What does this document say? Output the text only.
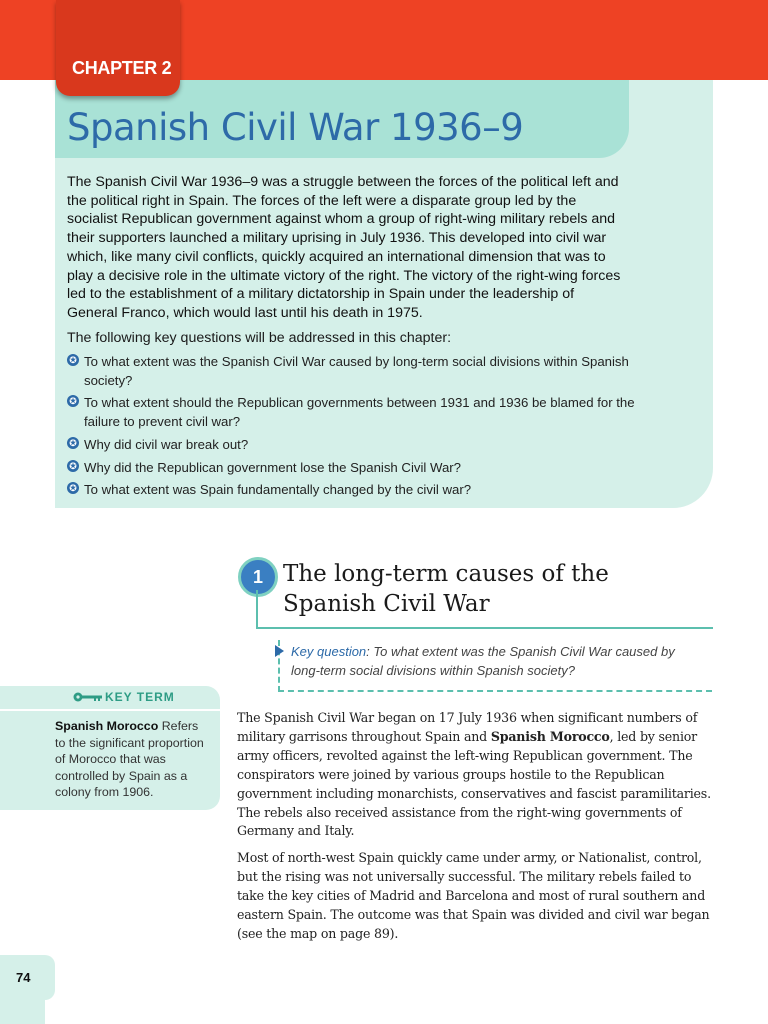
CHAPTER 2
Spanish Civil War 1936–9

The Spanish Civil War 1936–9 was a struggle between the forces of the political left and the political right in Spain. The forces of the left were a disparate group led by the socialist Republican government against whom a group of right-wing military rebels and their supporters launched a military uprising in July 1936. This developed into civil war which, like many civil conflicts, quickly acquired an international dimension that was to play a decisive role in the ultimate victory of the right. The victory of the right-wing forces led to the establishment of a military dictatorship in Spain under the leadership of General Franco, which would last until his death in 1975.

The following key questions will be addressed in this chapter:

✪ To what extent was the Spanish Civil War caused by long-term social divisions within Spanish society?
✪ To what extent should the Republican governments between 1931 and 1936 be blamed for the failure to prevent civil war?
✪ Why did civil war break out?
✪ Why did the Republican government lose the Spanish Civil War?
✪ To what extent was Spain fundamentally changed by the civil war?
1 The long-term causes of the Spanish Civil War

Key question: To what extent was the Spanish Civil War caused by long-term social divisions within Spanish society?

KEY TERM

Spanish Morocco Refers to the significant proportion of Morocco that was controlled by Spain as a colony from 1906.

The Spanish Civil War began on 17 July 1936 when significant numbers of military garrisons throughout Spain and Spanish Morocco, led by senior army officers, revolted against the left-wing Republican government. The conspirators were joined by various groups hostile to the Republican government including monarchists, conservatives and fascist paramilitaries. The rebels also received assistance from the right-wing governments of Germany and Italy.

Most of north-west Spain quickly came under army, or Nationalist, control, but the rising was not universally successful. The military rebels failed to take the key cities of Madrid and Barcelona and most of rural southern and eastern Spain. The outcome was that Spain was divided and civil war began (see the map on page 89).

74
